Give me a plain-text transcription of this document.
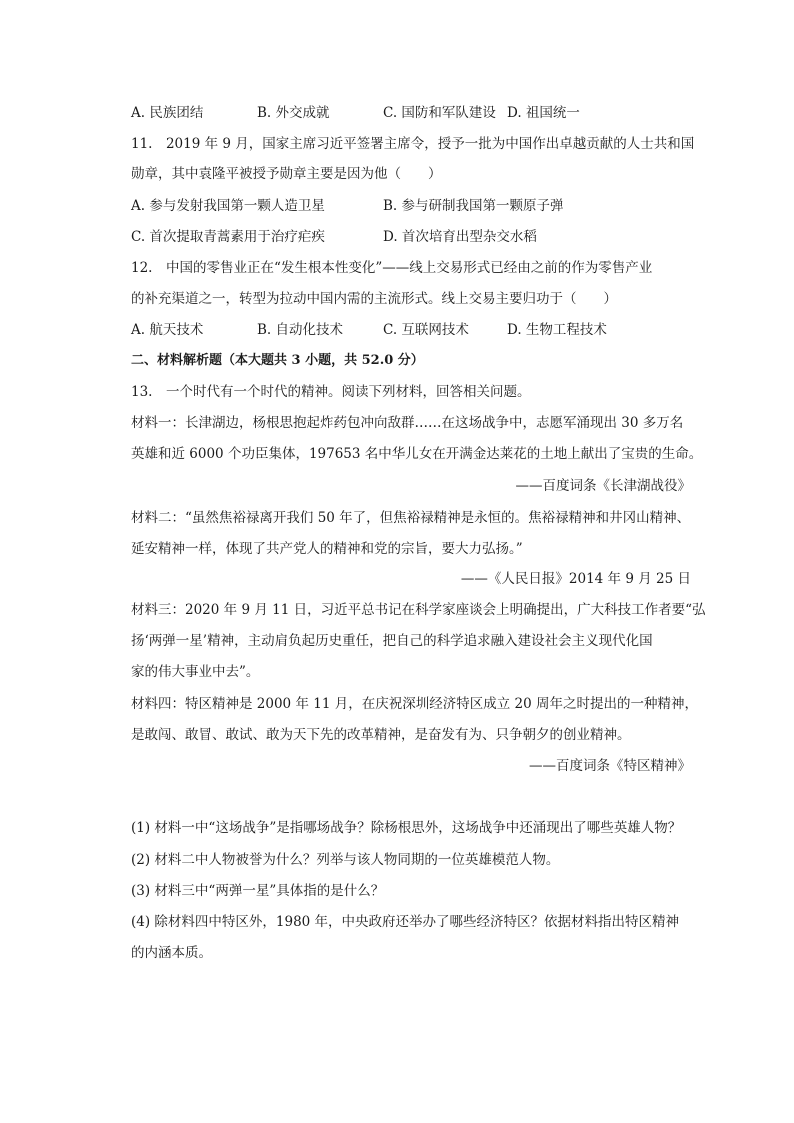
A. 民族团结	B. 外交成就	C. 国防和军队建设 D. 祖国统一
11.　2019 年 9 月，国家主席习近平签署主席令，授予一批为中国作出卓越贡献的人士共和国
勋章，其中袁隆平被授予勋章主要是因为他（　　）
A. 参与发射我国第一颗人造卫星	B. 参与研制我国第一颗原子弹
C. 首次提取青蒿素用于治疗疟疾	D. 首次培育出型杂交水稻
12.　中国的零售业正在“发生根本性变化”——线上交易形式已经由之前的作为零售产业
的补充渠道之一，转型为拉动中国内需的主流形式。线上交易主要归功于（　　）
A. 航天技术	B. 自动化技术	C. 互联网技术	D. 生物工程技术
二、材料解析题（本大题共 3 小题，共 52.0 分）
13.　一个时代有一个时代的精神。阅读下列材料，回答相关问题。
材料一：长津湖边，杨根思抱起炸药包冲向敌群……在这场战争中，志愿军涌现出 30 多万名
英雄和近 6000 个功臣集体，197653 名中华儿女在开满金达莱花的土地上献出了宝贵的生命。
——百度词条《长津湖战役》
材料二：“虽然焦裕禄离开我们 50 年了，但焦裕禄精神是永恒的。焦裕禄精神和井冈山精神、
延安精神一样，体现了共产党人的精神和党的宗旨，要大力弘扬。”
——《人民日报》2014 年 9 月 25 日
材料三：2020 年 9 月 11 日，习近平总书记在科学家座谈会上明确提出，广大科技工作者要“弘
扬‘两弹一星’精神，主动肩负起历史重任，把自己的科学追求融入建设社会主义现代化国
家的伟大事业中去”。
材料四：特区精神是 2000 年 11 月，在庆祝深圳经济特区成立 20 周年之时提出的一种精神，
是敢闯、敢冒、敢试、敢为天下先的改革精神，是奋发有为、只争朝夕的创业精神。
——百度词条《特区精神》
(1) 材料一中“这场战争”是指哪场战争？除杨根思外，这场战争中还涌现出了哪些英雄人物？
(2) 材料二中人物被誉为什么？列举与该人物同期的一位英雄模范人物。
(3) 材料三中“两弹一星”具体指的是什么？
(4) 除材料四中特区外，1980 年，中央政府还举办了哪些经济特区？依据材料指出特区精神
的内涵本质。
